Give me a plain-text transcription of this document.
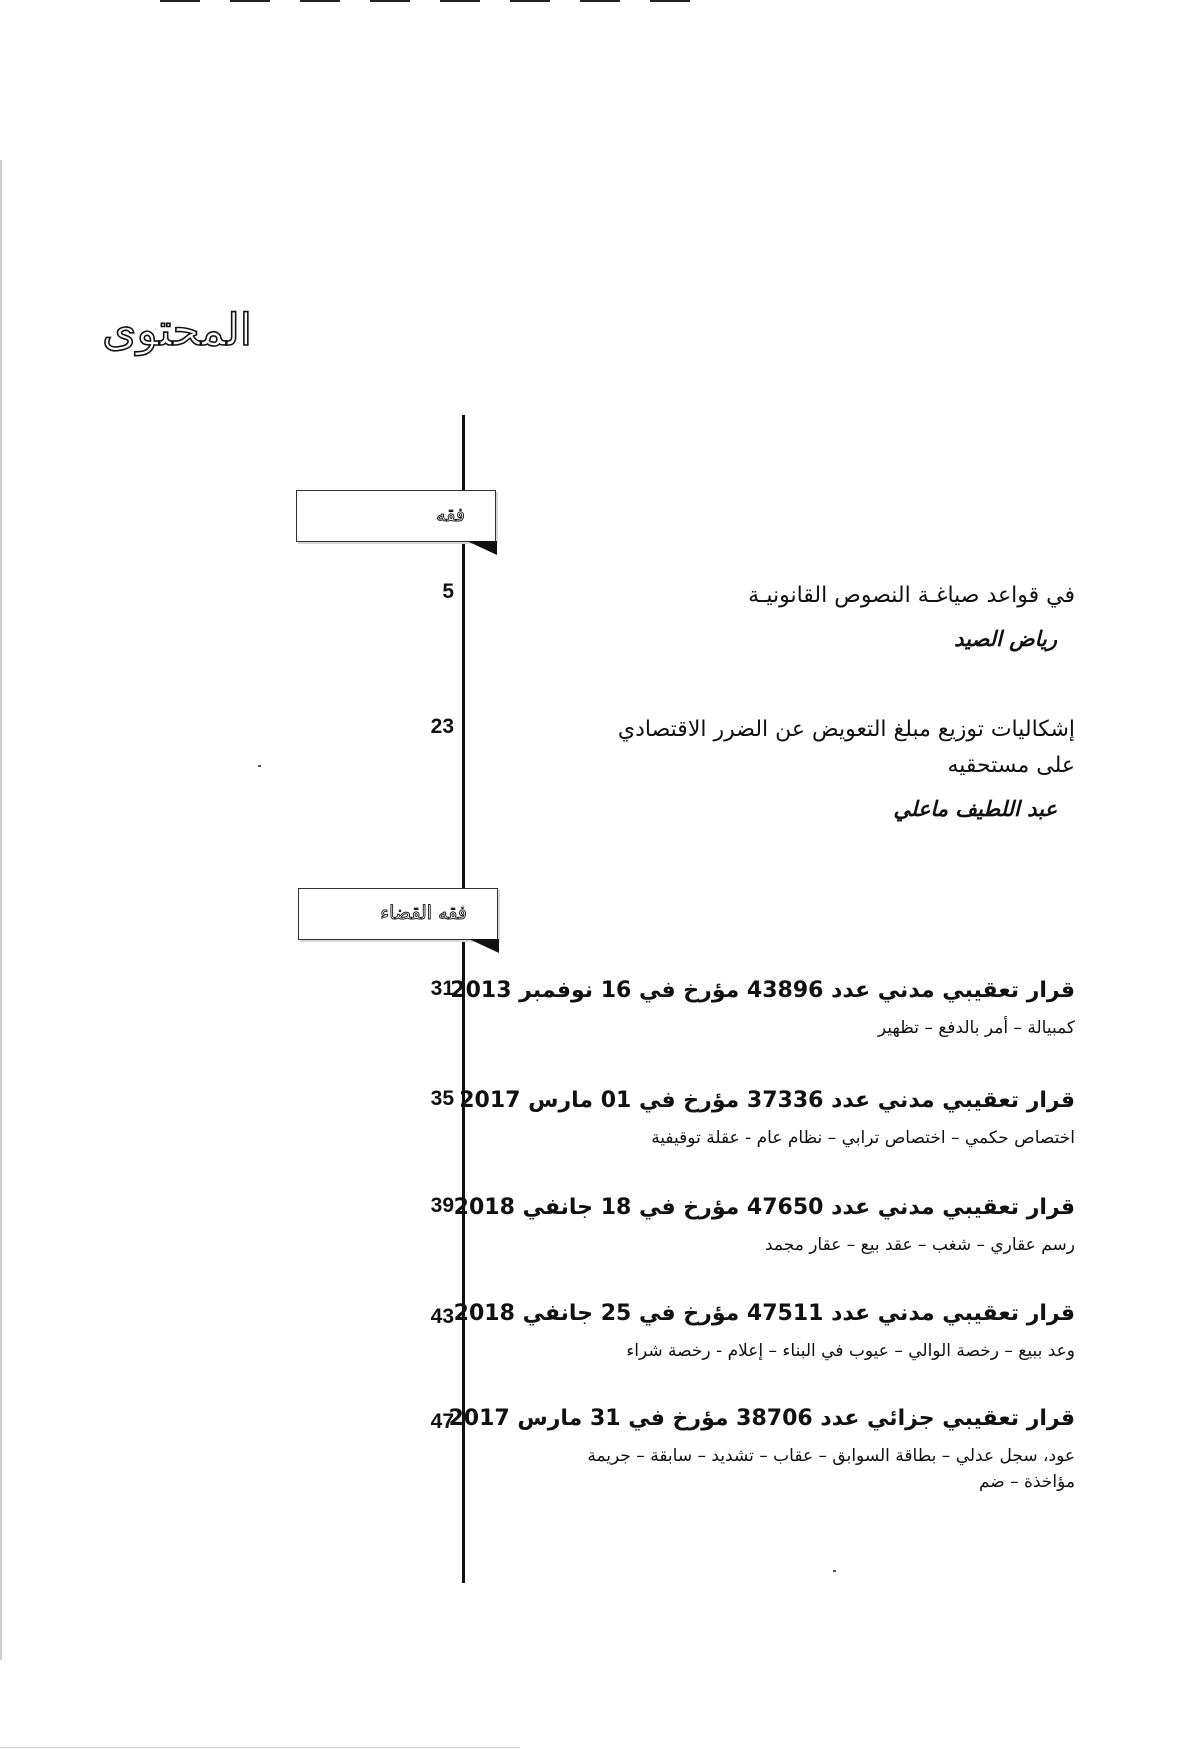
المحتوى
فقه
5	في قواعد صياغـة النصوص القانونيـة
رياض الصيد
23	إشكاليات توزيع مبلغ التعويض عن الضرر الاقتصادي
على مستحقيه
عبد اللطيف ماعلي
فقه القضاء
31
قرار تعقيبي مدني عدد 43896 مؤرخ في 16 نوفمبر 2013
كمبيالة – أمر بالدفع – تظهير
35 قرار تعقيبي مدني عدد 37336 مؤرخ في 01 مارس 2017
اختصاص حكمي – اختصاص ترابي – نظام عام - عقلة توقيفية
39 قرار تعقيبي مدني عدد 47650 مؤرخ في 18 جانفي 2018
رسم عقاري – شغب – عقد بيع – عقار مجمد
43 قرار تعقيبي مدني عدد 47511 مؤرخ في 25 جانفي 2018
وعد ببيع – رخصة الوالي – عيوب في البناء – إعلام - رخصة شراء
47
قرار تعقيبي جزائي عدد 38706 مؤرخ في 31 مارس 2017
عود، سجل عدلي – بطاقة السوابق – عقاب – تشديد – سابقة – جريمة
مؤاخذة – ضم
